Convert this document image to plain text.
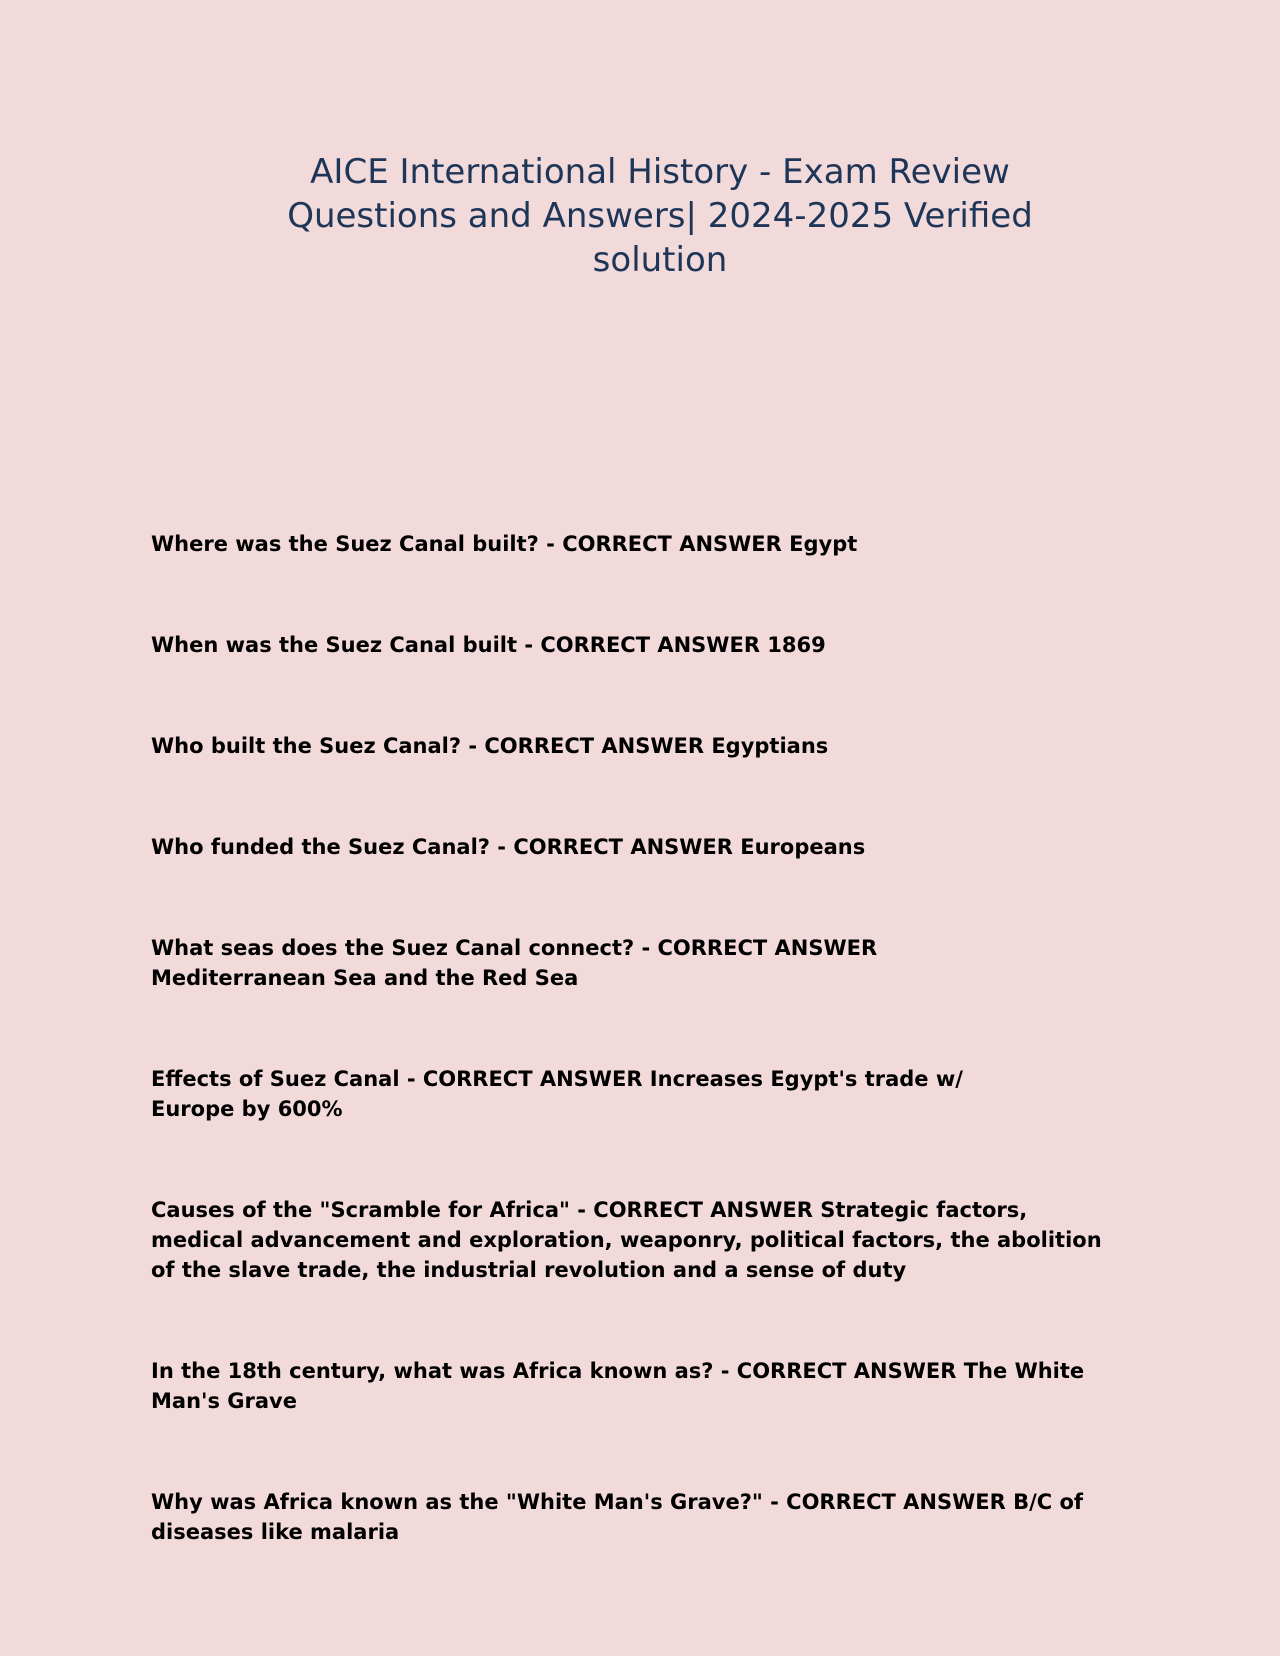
AICE International History - Exam Review Questions and Answers| 2024-2025 Verified solution

Where was the Suez Canal built? - CORRECT ANSWER Egypt

When was the Suez Canal built - CORRECT ANSWER 1869

Who built the Suez Canal? - CORRECT ANSWER Egyptians

Who funded the Suez Canal? - CORRECT ANSWER Europeans

What seas does the Suez Canal connect? - CORRECT ANSWER Mediterranean Sea and the Red Sea

Effects of Suez Canal - CORRECT ANSWER Increases Egypt's trade w/ Europe by 600%

Causes of the "Scramble for Africa" - CORRECT ANSWER Strategic factors, medical advancement and exploration, weaponry, political factors, the abolition of the slave trade, the industrial revolution and a sense of duty

In the 18th century, what was Africa known as? - CORRECT ANSWER The White Man's Grave

Why was Africa known as the "White Man's Grave?" - CORRECT ANSWER B/C of diseases like malaria
